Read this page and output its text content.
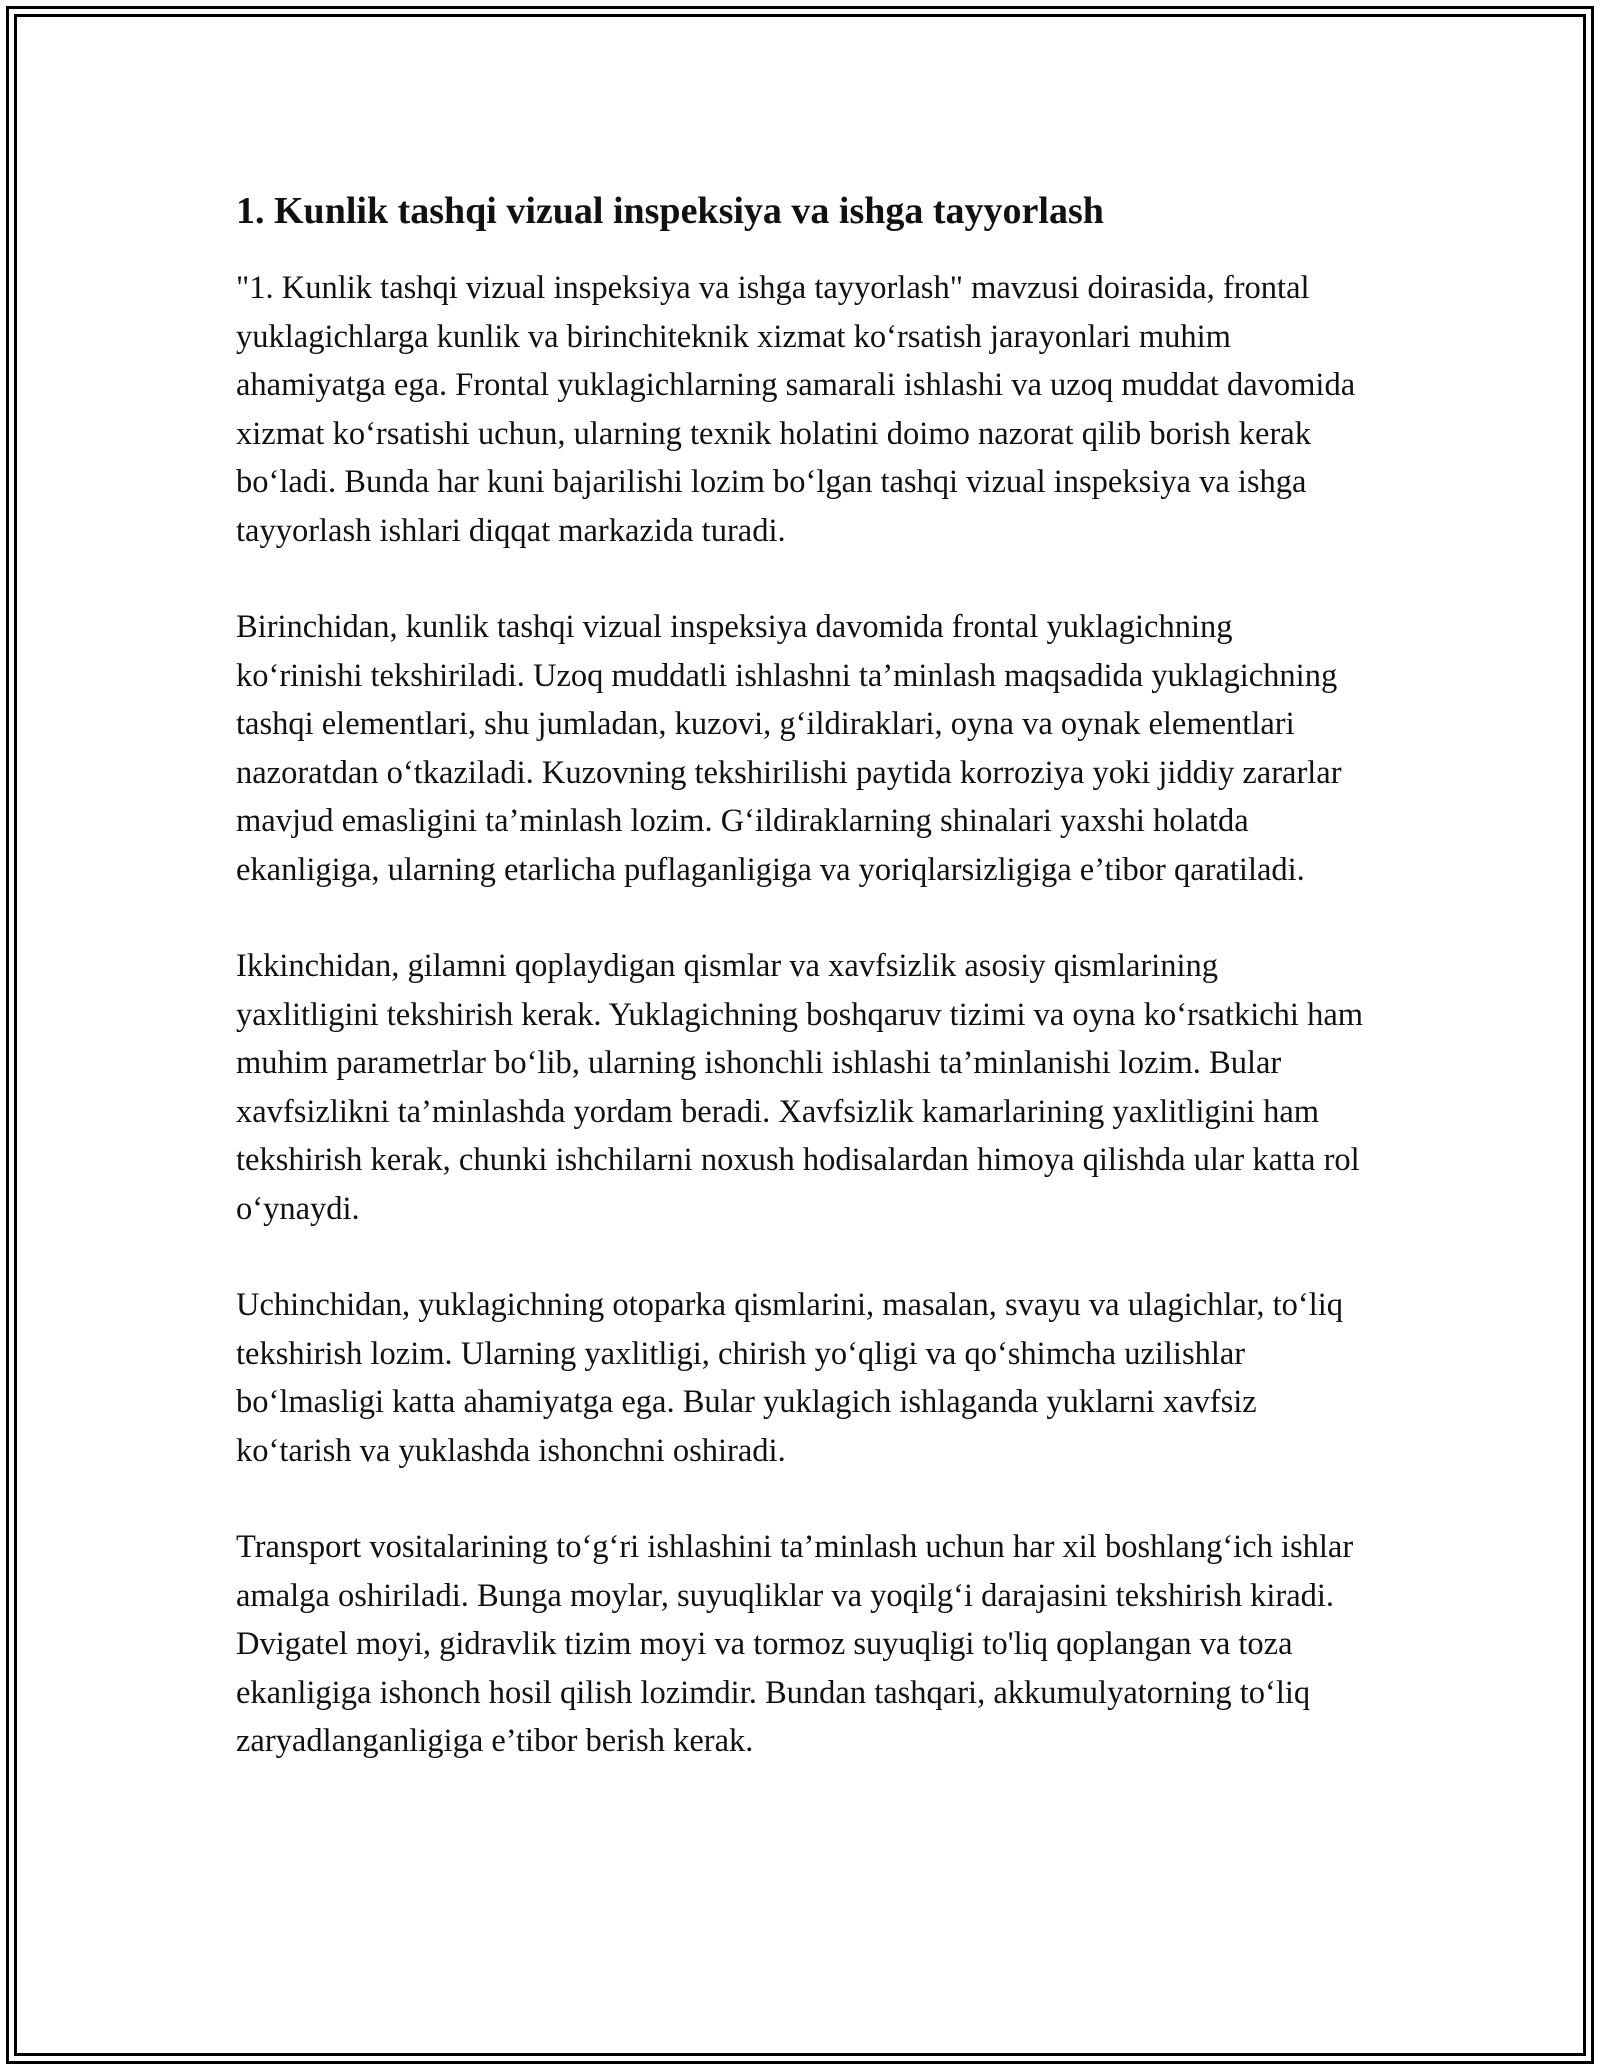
1. Kunlik tashqi vizual inspeksiya va ishga tayyorlash

"1. Kunlik tashqi vizual inspeksiya va ishga tayyorlash" mavzusi doirasida, frontal yuklagichlarga kunlik va birinchiteknik xizmat ko‘rsatish jarayonlari muhim ahamiyatga ega. Frontal yuklagichlarning samarali ishlashi va uzoq muddat davomida xizmat ko‘rsatishi uchun, ularning texnik holatini doimo nazorat qilib borish kerak bo‘ladi. Bunda har kuni bajarilishi lozim bo‘lgan tashqi vizual inspeksiya va ishga tayyorlash ishlari diqqat markazida turadi.

Birinchidan, kunlik tashqi vizual inspeksiya davomida frontal yuklagichning ko‘rinishi tekshiriladi. Uzoq muddatli ishlashni ta’minlash maqsadida yuklagichning tashqi elementlari, shu jumladan, kuzovi, g‘ildiraklari, oyna va oynak elementlari nazoratdan o‘tkaziladi. Kuzovning tekshirilishi paytida korroziya yoki jiddiy zararlar mavjud emasligini ta’minlash lozim. G‘ildiraklarning shinalari yaxshi holatda ekanligiga, ularning etarlicha puflaganligiga va yoriqlarsizligiga e’tibor qaratiladi.

Ikkinchidan, gilamni qoplaydigan qismlar va xavfsizlik asosiy qismlarining yaxlitligini tekshirish kerak. Yuklagichning boshqaruv tizimi va oyna ko‘rsatkichi ham muhim parametrlar bo‘lib, ularning ishonchli ishlashi ta’minlanishi lozim. Bular xavfsizlikni ta’minlashda yordam beradi. Xavfsizlik kamarlarining yaxlitligini ham tekshirish kerak, chunki ishchilarni noxush hodisalardan himoya qilishda ular katta rol o‘ynaydi.

Uchinchidan, yuklagichning otoparka qismlarini, masalan, svayu va ulagichlar, to‘liq tekshirish lozim. Ularning yaxlitligi, chirish yo‘qligi va qo‘shimcha uzilishlar bo‘lmasligi katta ahamiyatga ega. Bular yuklagich ishlaganda yuklarni xavfsiz ko‘tarish va yuklashda ishonchni oshiradi.

Transport vositalarining to‘g‘ri ishlashini ta’minlash uchun har xil boshlang‘ich ishlar amalga oshiriladi. Bunga moylar, suyuqliklar va yoqilg‘i darajasini tekshirish kiradi. Dvigatel moyi, gidravlik tizim moyi va tormoz suyuqligi to'liq qoplangan va toza ekanligiga ishonch hosil qilish lozimdir. Bundan tashqari, akkumulyatorning to‘liq zaryadlanganligiga e’tibor berish kerak.
